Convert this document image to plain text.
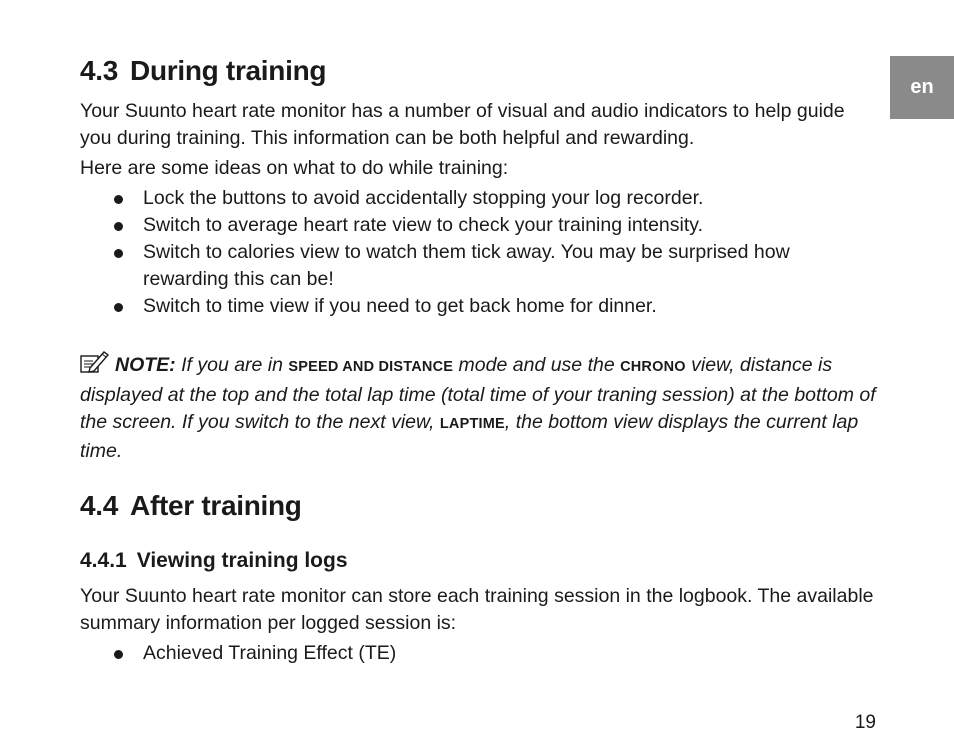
en
4.3 During training

Your Suunto heart rate monitor has a number of visual and audio indicators to help guide you during training. This information can be both helpful and rewarding.

Here are some ideas on what to do while training:

Lock the buttons to avoid accidentally stopping your log recorder.
Switch to average heart rate view to check your training intensity.
Switch to calories view to watch them tick away. You may be surprised how rewarding this can be!
Switch to time view if you need to get back home for dinner.
NOTE: If you are in SPEED AND DISTANCE mode and use the CHRONO view, distance is displayed at the top and the total lap time (total time of your traning session) at the bottom of the screen. If you switch to the next view, LAPTIME, the bottom view displays the current lap time.
4.4 After training
4.4.1 Viewing training logs

Your Suunto heart rate monitor can store each training session in the logbook. The available summary information per logged session is:

Achieved Training Effect (TE)
19
